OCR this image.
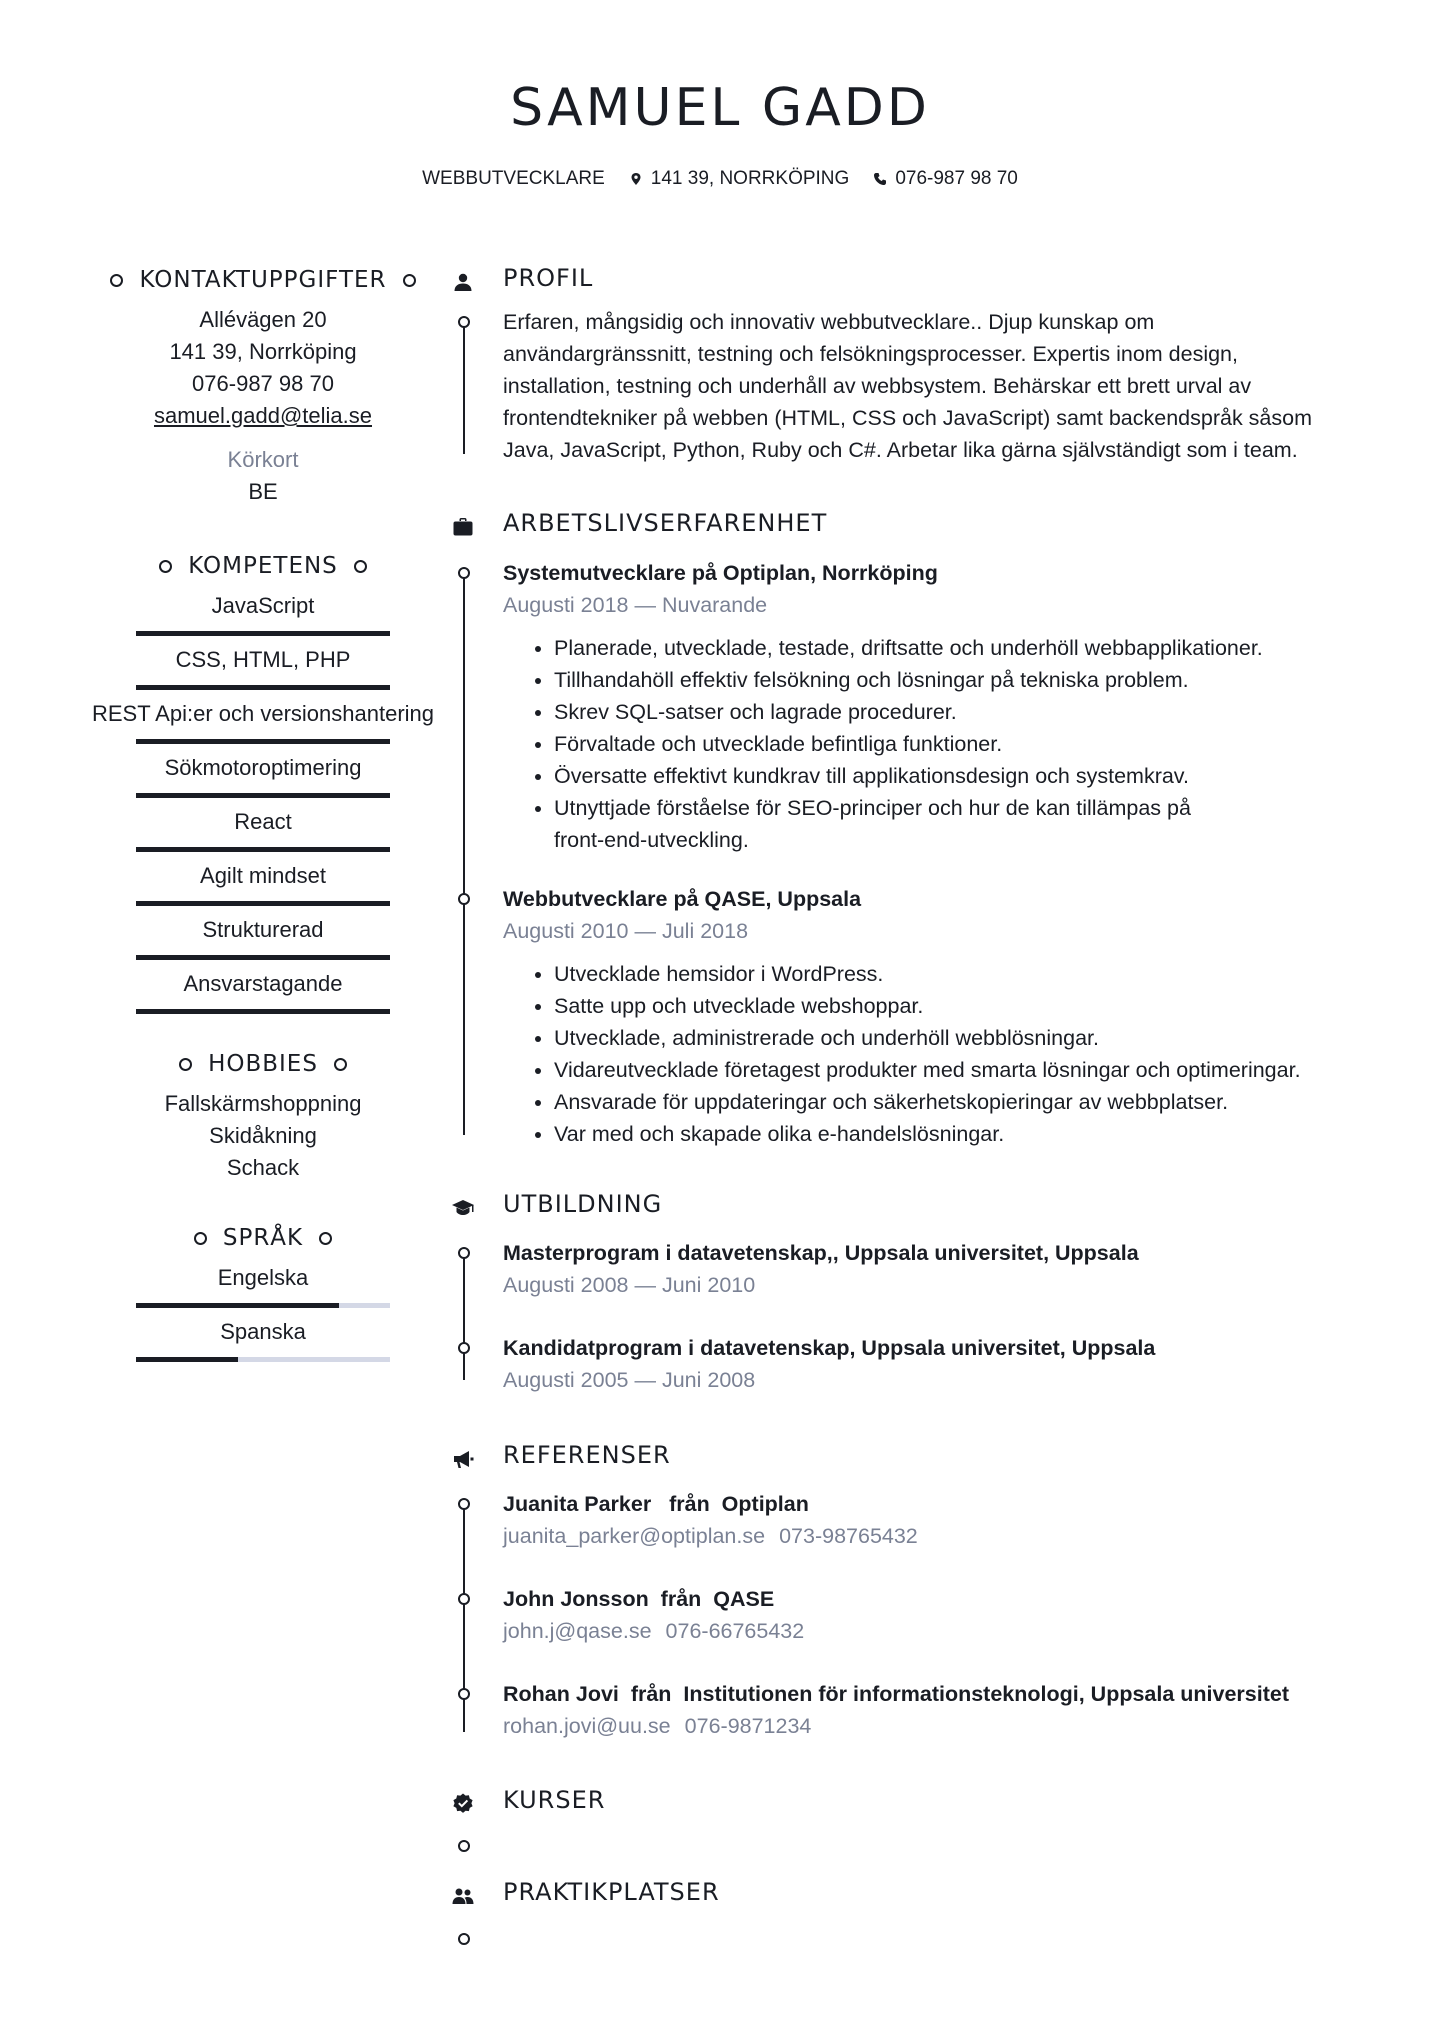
SAMUEL GADD
WEBBUTVECKLARE 141 39, NORRKÖPING 076-987 98 70
KONTAKTUPPGIFTER
Allévägen 20
141 39, Norrköping
076-987 98 70
samuel.gadd@telia.se
Körkort
BE
KOMPETENS
JavaScript
CSS, HTML, PHP
REST Api:er och versionshantering
Sökmotoroptimering
React
Agilt mindset
Strukturerad
Ansvarstagande
HOBBIES
Fallskärmshoppning
Skidåkning
Schack
SPRÅK
Engelska
Spanska
PROFIL
Erfaren, mångsidig och innovativ webbutvecklare.. Djup kunskap om
användargränssnitt, testning och felsökningsprocesser. Expertis inom design,
installation, testning och underhåll av webbsystem. Behärskar ett brett urval av
frontendtekniker på webben (HTML, CSS och JavaScript) samt backendspråk såsom
Java, JavaScript, Python, Ruby och C#. Arbetar lika gärna självständigt som i team.
ARBETSLIVSERFARENHET
Systemutvecklare på Optiplan, Norrköping
Augusti 2018 — Nuvarande
• Planerade, utvecklade, testade, driftsatte och underhöll webbapplikationer.
• Tillhandahöll effektiv felsökning och lösningar på tekniska problem.
• Skrev SQL-satser och lagrade procedurer.
• Förvaltade och utvecklade befintliga funktioner.
• Översatte effektivt kundkrav till applikationsdesign och systemkrav.
• Utnyttjade förståelse för SEO-principer och hur de kan tillämpas på front-end-utveckling.
Webbutvecklare på QASE, Uppsala
Augusti 2010 — Juli 2018
• Utvecklade hemsidor i WordPress.
• Satte upp och utvecklade webshoppar.
• Utvecklade, administrerade och underhöll webblösningar.
• Vidareutvecklade företagest produkter med smarta lösningar och optimeringar.
• Ansvarade för uppdateringar och säkerhetskopieringar av webbplatser.
• Var med och skapade olika e-handelslösningar.
UTBILDNING
Masterprogram i datavetenskap,, Uppsala universitet, Uppsala
Augusti 2008 — Juni 2010
Kandidatprogram i datavetenskap, Uppsala universitet, Uppsala
Augusti 2005 — Juni 2008
REFERENSER
Juanita Parker   från  Optiplan
juanita_parker@optiplan.se 073-98765432
John Jonsson  från  QASE
john.j@qase.se 076-66765432
Rohan Jovi  från  Institutionen för informationsteknologi, Uppsala universitet
rohan.jovi@uu.se 076-9871234
KURSER
PRAKTIKPLATSER
